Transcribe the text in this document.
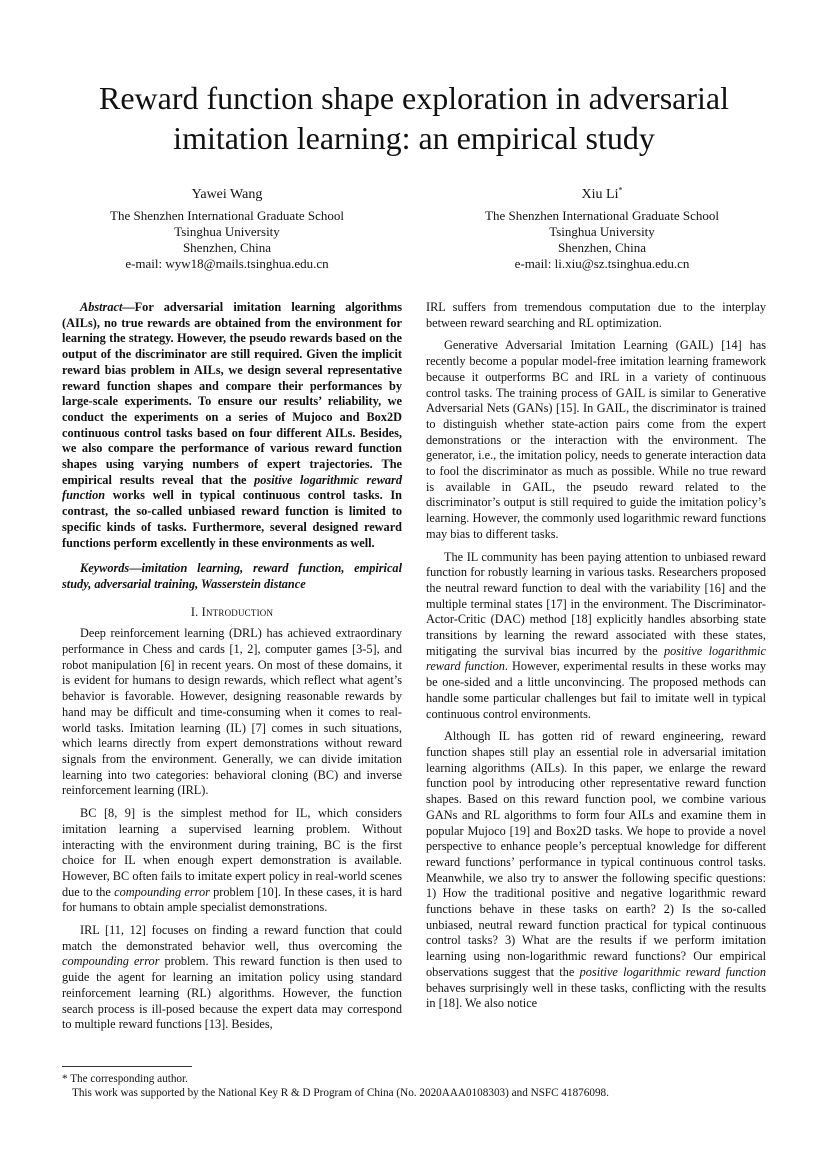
Reward function shape exploration in adversarial imitation learning: an empirical study
Yawei Wang
The Shenzhen International Graduate School
Tsinghua University
Shenzhen, China
e-mail: wyw18@mails.tsinghua.edu.cn
Xiu Li*
The Shenzhen International Graduate School
Tsinghua University
Shenzhen, China
e-mail: li.xiu@sz.tsinghua.edu.cn

Abstract—For adversarial imitation learning algorithms (AILs), no true rewards are obtained from the environment for learning the strategy. However, the pseudo rewards based on the output of the discriminator are still required. Given the implicit reward bias problem in AILs, we design several representative reward function shapes and compare their performances by large-scale experiments. To ensure our results’ reliability, we conduct the experiments on a series of Mujoco and Box2D continuous control tasks based on four different AILs. Besides, we also compare the performance of various reward function shapes using varying numbers of expert trajectories. The empirical results reveal that the positive logarithmic reward function works well in typical continuous control tasks. In contrast, the so-called unbiased reward function is limited to specific kinds of tasks. Furthermore, several designed reward functions perform excellently in these environments as well.

Keywords—imitation learning, reward function, empirical study, adversarial training, Wasserstein distance

I. Introduction

Deep reinforcement learning (DRL) has achieved extraordinary performance in Chess and cards [1, 2], computer games [3-5], and robot manipulation [6] in recent years. On most of these domains, it is evident for humans to design rewards, which reflect what agent’s behavior is favorable. However, designing reasonable rewards by hand may be difficult and time-consuming when it comes to real-world tasks. Imitation learning (IL) [7] comes in such situations, which learns directly from expert demonstrations without reward signals from the environment. Generally, we can divide imitation learning into two categories: behavioral cloning (BC) and inverse reinforcement learning (IRL).

BC [8, 9] is the simplest method for IL, which considers imitation learning a supervised learning problem. Without interacting with the environment during training, BC is the first choice for IL when enough expert demonstration is available. However, BC often fails to imitate expert policy in real-world scenes due to the compounding error problem [10]. In these cases, it is hard for humans to obtain ample specialist demonstrations.

IRL [11, 12] focuses on finding a reward function that could match the demonstrated behavior well, thus overcoming the compounding error problem. This reward function is then used to guide the agent for learning an imitation policy using standard reinforcement learning (RL) algorithms. However, the function search process is ill-posed because the expert data may correspond to multiple reward functions [13]. Besides,

IRL suffers from tremendous computation due to the interplay between reward searching and RL optimization.

Generative Adversarial Imitation Learning (GAIL) [14] has recently become a popular model-free imitation learning framework because it outperforms BC and IRL in a variety of continuous control tasks. The training process of GAIL is similar to Generative Adversarial Nets (GANs) [15]. In GAIL, the discriminator is trained to distinguish whether state-action pairs come from the expert demonstrations or the interaction with the environment. The generator, i.e., the imitation policy, needs to generate interaction data to fool the discriminator as much as possible. While no true reward is available in GAIL, the pseudo reward related to the discriminator’s output is still required to guide the imitation policy’s learning. However, the commonly used logarithmic reward functions may bias to different tasks.

The IL community has been paying attention to unbiased reward function for robustly learning in various tasks. Researchers proposed the neutral reward function to deal with the variability [16] and the multiple terminal states [17] in the environment. The Discriminator-Actor-Critic (DAC) method [18] explicitly handles absorbing state transitions by learning the reward associated with these states, mitigating the survival bias incurred by the positive logarithmic reward function. However, experimental results in these works may be one-sided and a little unconvincing. The proposed methods can handle some particular challenges but fail to imitate well in typical continuous control environments.

Although IL has gotten rid of reward engineering, reward function shapes still play an essential role in adversarial imitation learning algorithms (AILs). In this paper, we enlarge the reward function pool by introducing other representative reward function shapes. Based on this reward function pool, we combine various GANs and RL algorithms to form four AILs and examine them in popular Mujoco [19] and Box2D tasks. We hope to provide a novel perspective to enhance people’s perceptual knowledge for different reward functions’ performance in typical continuous control tasks. Meanwhile, we also try to answer the following specific questions: 1) How the traditional positive and negative logarithmic reward functions behave in these tasks on earth? 2) Is the so-called unbiased, neutral reward function practical for typical continuous control tasks? 3) What are the results if we perform imitation learning using non-logarithmic reward functions? Our empirical observations suggest that the positive logarithmic reward function behaves surprisingly well in these tasks, conflicting with the results in [18]. We also notice

* The corresponding author.
This work was supported by the National Key R & D Program of China (No. 2020AAA0108303) and NSFC 41876098.
